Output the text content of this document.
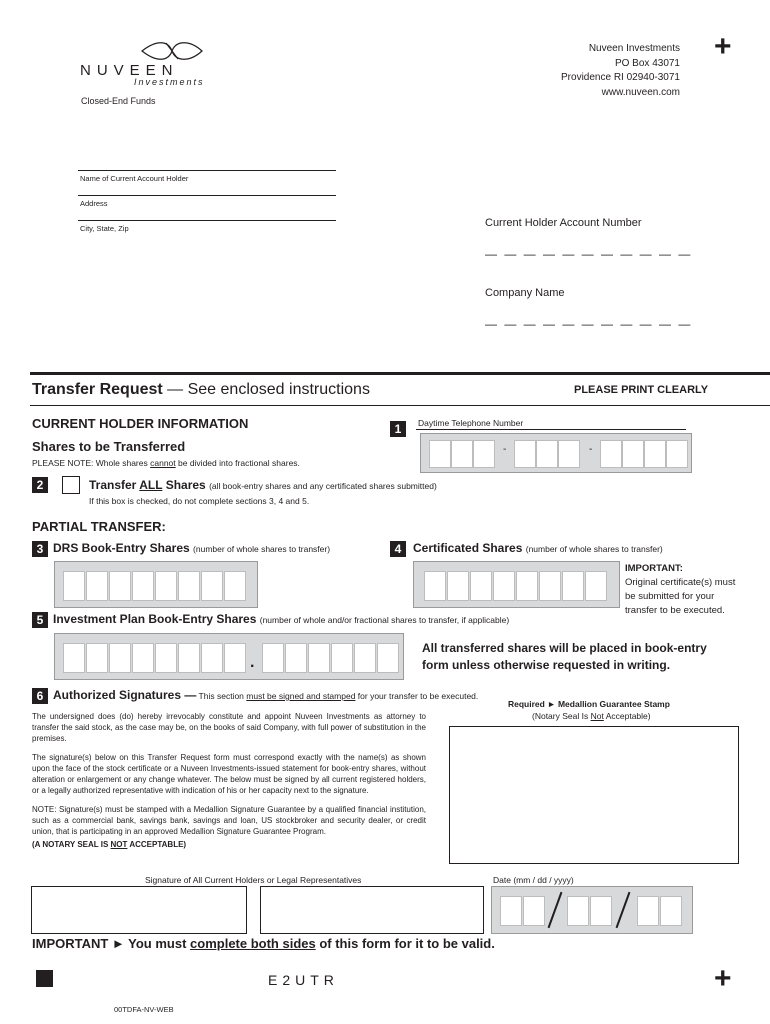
+
+
NUVEEN
Investments
Closed-End Funds
Nuveen Investments
PO Box 43071
Providence RI 02940-3071
www.nuveen.com
Name of Current Account Holder
Address
City, State, Zip	Current Holder Account Number
— — — — — — — — — — —
Company Name
— — — — — — — — — — —
Transfer Request — See enclosed instructions	PLEASE PRINT CLEARLY
CURRENT HOLDER INFORMATION	1	Daytime Telephone Number
-	-
Shares to be Transferred
PLEASE NOTE: Whole shares cannot be divided into fractional shares.
2	Transfer ALL Shares (all book-entry shares and any certificated shares submitted)
If this box is checked, do not complete sections 3, 4 and 5.
PARTIAL TRANSFER:
3 DRS Book-Entry Shares (number of whole shares to transfer)	4 Certificated Shares (number of whole shares to transfer)
IMPORTANT:
Original certificate(s) must
be submitted for your
transfer to be executed.
5 Investment Plan Book-Entry Shares (number of whole and/or fractional shares to transfer, if applicable)
.
All transferred shares will be placed in book-entry
form unless otherwise requested in writing.
6 Authorized Signatures — This section must be signed and stamped for your transfer to be executed.
The undersigned does (do) hereby irrevocably constitute and appoint Nuveen Investments as attorney to transfer the said stock, as the case may be, on the books of said Company, with full power of substitution in the premises.
The signature(s) below on this Transfer Request form must correspond exactly with the name(s) as shown upon the face of the stock certificate or a Nuveen Investments-issued statement for book-entry shares, without alteration or enlargement or any change whatever. The below must be signed by all current registered holders, or a legally authorized representative with indication of his or her capacity next to the signature.
NOTE: Signature(s) must be stamped with a Medallion Signature Guarantee by a qualified financial institution, such as a commercial bank, savings bank, savings and loan, US stockbroker and security dealer, or credit union, that is participating in an approved Medallion Signature Guarantee Program.
(A NOTARY SEAL IS NOT ACCEPTABLE)
Required ► Medallion Guarantee Stamp
(Notary Seal Is Not Acceptable)
Signature of All Current Holders or Legal Representatives	Date (mm / dd / yyyy)
IMPORTANT ► You must complete both sides of this form for it to be valid.
E2UTR
00TDFA-NV-WEB
